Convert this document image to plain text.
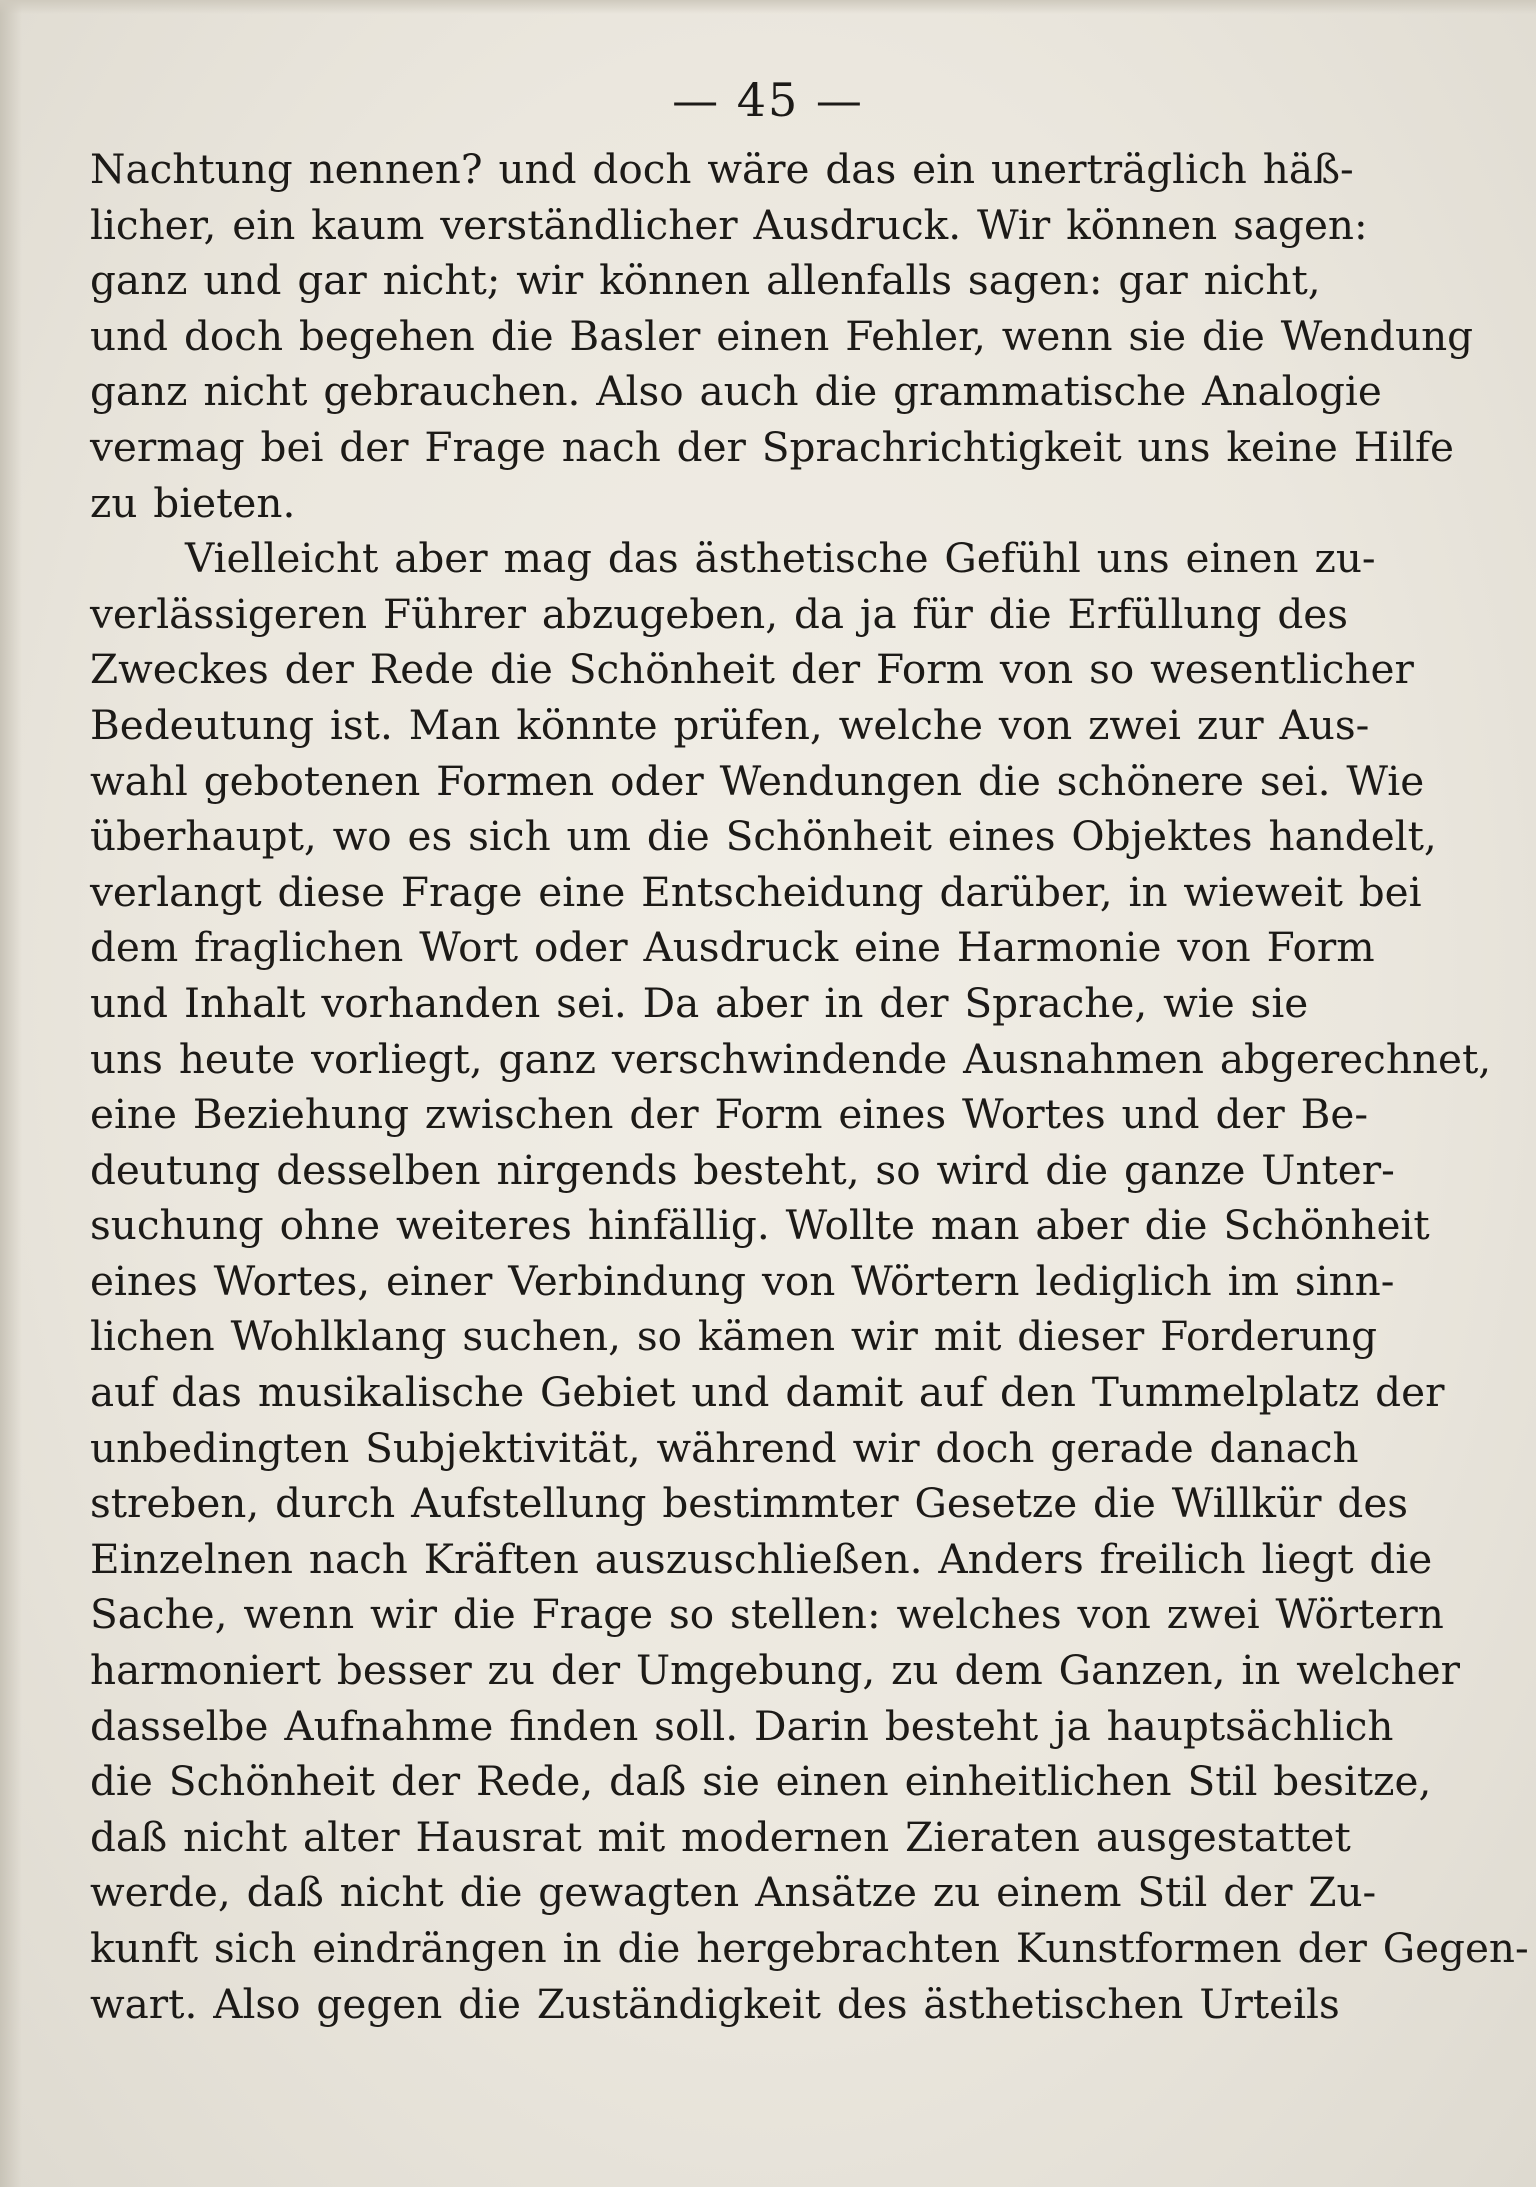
— 45 —
Nachtung nennen? und doch wäre das ein unerträglich häß-
licher, ein kaum verständlicher Ausdruck. Wir können sagen:
ganz und gar nicht; wir können allenfalls sagen: gar nicht,
und doch begehen die Basler einen Fehler, wenn sie die Wendung
ganz nicht gebrauchen. Also auch die grammatische Analogie
vermag bei der Frage nach der Sprachrichtigkeit uns keine Hilfe
zu bieten.
Vielleicht aber mag das ästhetische Gefühl uns einen zu-
verlässigeren Führer abzugeben, da ja für die Erfüllung des
Zweckes der Rede die Schönheit der Form von so wesentlicher
Bedeutung ist. Man könnte prüfen, welche von zwei zur Aus-
wahl gebotenen Formen oder Wendungen die schönere sei. Wie
überhaupt, wo es sich um die Schönheit eines Objektes handelt,
verlangt diese Frage eine Entscheidung darüber, in wieweit bei
dem fraglichen Wort oder Ausdruck eine Harmonie von Form
und Inhalt vorhanden sei. Da aber in der Sprache, wie sie
uns heute vorliegt, ganz verschwindende Ausnahmen abgerechnet,
eine Beziehung zwischen der Form eines Wortes und der Be-
deutung desselben nirgends besteht, so wird die ganze Unter-
suchung ohne weiteres hinfällig. Wollte man aber die Schönheit
eines Wortes, einer Verbindung von Wörtern lediglich im sinn-
lichen Wohlklang suchen, so kämen wir mit dieser Forderung
auf das musikalische Gebiet und damit auf den Tummelplatz der
unbedingten Subjektivität, während wir doch gerade danach
streben, durch Aufstellung bestimmter Gesetze die Willkür des
Einzelnen nach Kräften auszuschließen. Anders freilich liegt die
Sache, wenn wir die Frage so stellen: welches von zwei Wörtern
harmoniert besser zu der Umgebung, zu dem Ganzen, in welcher
dasselbe Aufnahme finden soll. Darin besteht ja hauptsächlich
die Schönheit der Rede, daß sie einen einheitlichen Stil besitze,
daß nicht alter Hausrat mit modernen Zieraten ausgestattet
werde, daß nicht die gewagten Ansätze zu einem Stil der Zu-
kunft sich eindrängen in die hergebrachten Kunstformen der Gegen-
wart. Also gegen die Zuständigkeit des ästhetischen Urteils
